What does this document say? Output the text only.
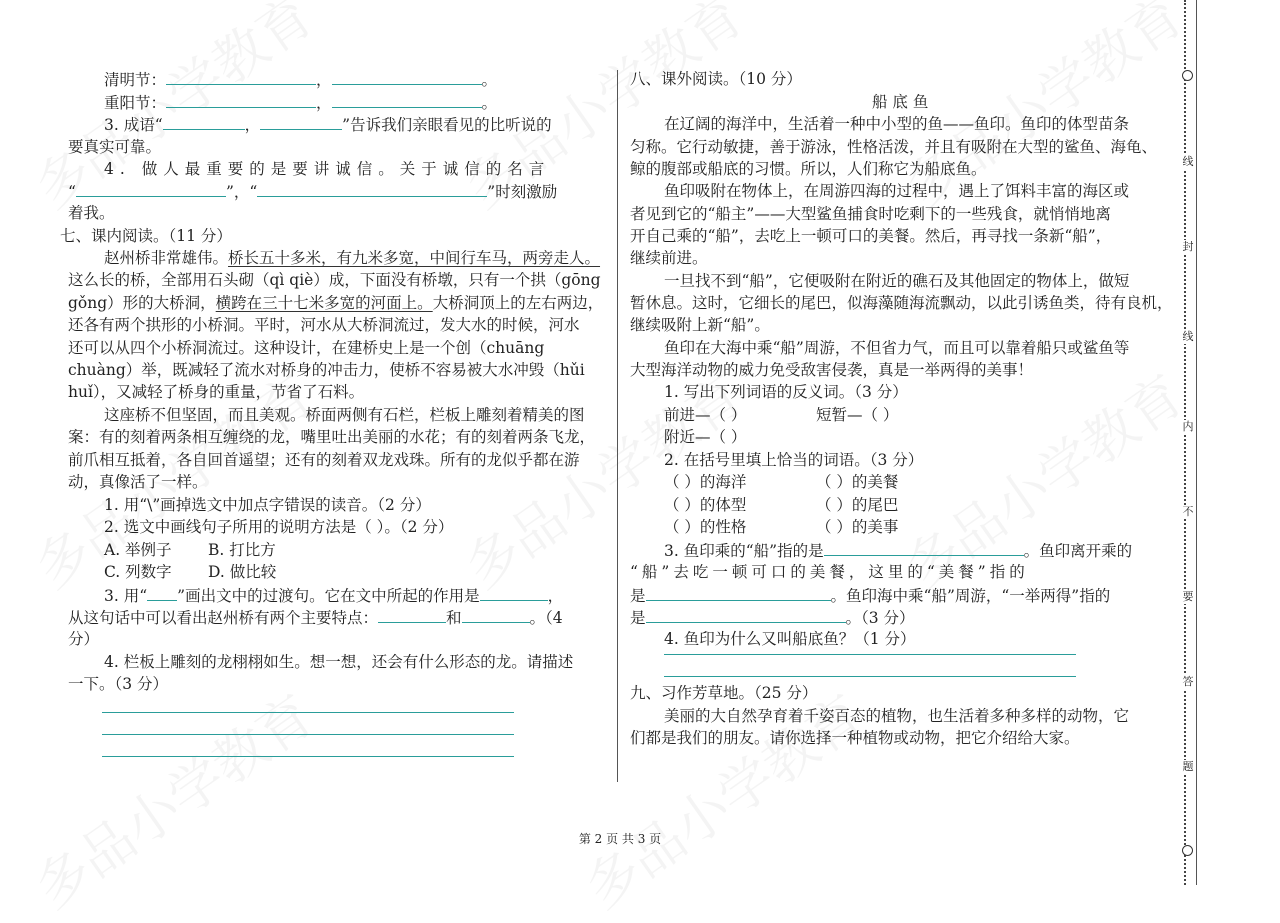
清明节：	，	。
重阳节：	，	。
3. 成语“	，	”告诉我们亲眼看见的比听说的
要真实可靠。
4. 做人最重要的是要讲诚信。关于诚信的名言
“	”，“	”时刻激励
着我。
七、课内阅读。（11 分）
赵州桥非常雄伟。桥长五十多米，有九米多宽，中间行车马，两旁走人。
这么长的桥，全部用石头砌（qì qiè）成，下面没有桥墩，只有一个拱（gōng
gǒng）形的大桥洞，横跨在三十七米多宽的河面上。大桥洞顶上的左右两边，
还各有两个拱形的小桥洞。平时，河水从大桥洞流过，发大水的时候，河水
还可以从四个小桥洞流过。这种设计，在建桥史上是一个创（chuāng
chuàng）举，既减轻了流水对桥身的冲击力，使桥不容易被大水冲毁（hǔi
huǐ），又减轻了桥身的重量，节省了石料。
这座桥不但坚固，而且美观。桥面两侧有石栏，栏板上雕刻着精美的图
案：有的刻着两条相互缠绕的龙，嘴里吐出美丽的水花；有的刻着两条飞龙，
前爪相互抵着，各自回首遥望；还有的刻着双龙戏珠。所有的龙似乎都在游
动，真像活了一样。
1. 用“\”画掉选文中加点字错误的读音。（2 分）
2. 选文中画线句子所用的说明方法是（ ）。（2 分）
A. 举例子 B. 打比方
C. 列数字 D. 做比较
3. 用“ ”画出文中的过渡句。它在文中所起的作用是	，
从这句话中可以看出赵州桥有两个主要特点：	和	。（4
分）
4. 栏板上雕刻的龙栩栩如生。想一想，还会有什么形态的龙。请描述
一下。（3 分）
八、课外阅读。（10 分）
船 底 鱼
在辽阔的海洋中，生活着一种中小型的鱼——鱼印。鱼印的体型苗条
匀称。它行动敏捷，善于游泳，性格活泼，并且有吸附在大型的鲨鱼、海龟、
鲸的腹部或船底的习惯。所以，人们称它为船底鱼。
鱼印吸附在物体上，在周游四海的过程中，遇上了饵料丰富的海区或
者见到它的“船主”——大型鲨鱼捕食时吃剩下的一些残食，就悄悄地离
开自己乘的“船”，去吃上一顿可口的美餐。然后，再寻找一条新“船”，
继续前进。
一旦找不到“船”，它便吸附在附近的礁石及其他固定的物体上，做短
暂休息。这时，它细长的尾巴，似海藻随海流飘动，以此引诱鱼类，待有良机，
继续吸附上新“船”。
鱼印在大海中乘“船”周游，不但省力气，而且可以靠着船只或鲨鱼等
大型海洋动物的威力免受敌害侵袭，真是一举两得的美事！
1. 写出下列词语的反义词。（3 分）
前进—（ ）	短暂—（ ）
附近—（ ）
2. 在括号里填上恰当的词语。（3 分）
（ ）的海洋	（ ）的美餐
（ ）的体型	（ ）的尾巴
（ ）的性格	（ ）的美事
3. 鱼印乘的“船”指的是	。鱼印离开乘的
“船”去吃一顿可口的美餐，这里的“美餐”指的
是	。鱼印海中乘“船”周游，“一举两得”指的
是	。（3 分）
4. 鱼印为什么又叫船底鱼？（1 分）
九、习作芳草地。（25 分）
美丽的大自然孕育着千姿百态的植物，也生活着多种多样的动物，它
们都是我们的朋友。请你选择一种植物或动物，把它介绍给大家。
第 2 页 共 3 页
线
封
线
内
不
要
答
题
